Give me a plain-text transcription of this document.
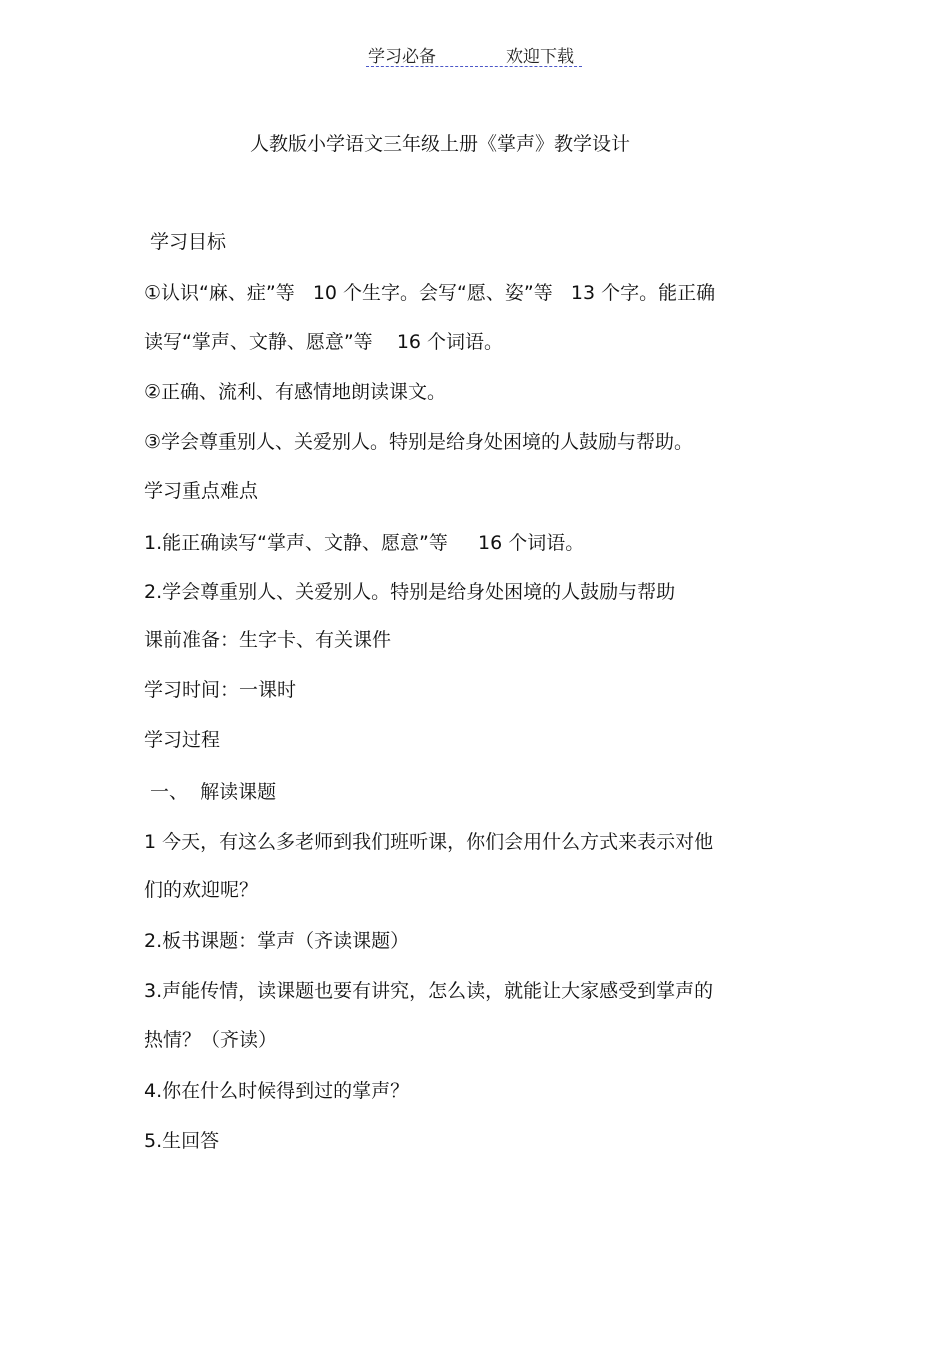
学习必备	欢迎下载
人教版小学语文三年级上册《掌声》教学设计
学习目标
①认识“麻、症”等   10 个生字。会写“愿、姿”等   13 个字。能正确
读写“掌声、文静、愿意”等    16 个词语。
②正确、流利、有感情地朗读课文。
③学会尊重别人、关爱别人。特别是给身处困境的人鼓励与帮助。
学习重点难点
1.能正确读写“掌声、文静、愿意”等     16 个词语。
2.学会尊重别人、关爱别人。特别是给身处困境的人鼓励与帮助
课前准备：生字卡、有关课件
学习时间：一课时
学习过程
一、  解读课题
1 今天，有这么多老师到我们班听课，你们会用什么方式来表示对他
们的欢迎呢？
2.板书课题：掌声（齐读课题）
3.声能传情，读课题也要有讲究，怎么读，就能让大家感受到掌声的
热情？（齐读）
4.你在什么时候得到过的掌声？
5.生回答
